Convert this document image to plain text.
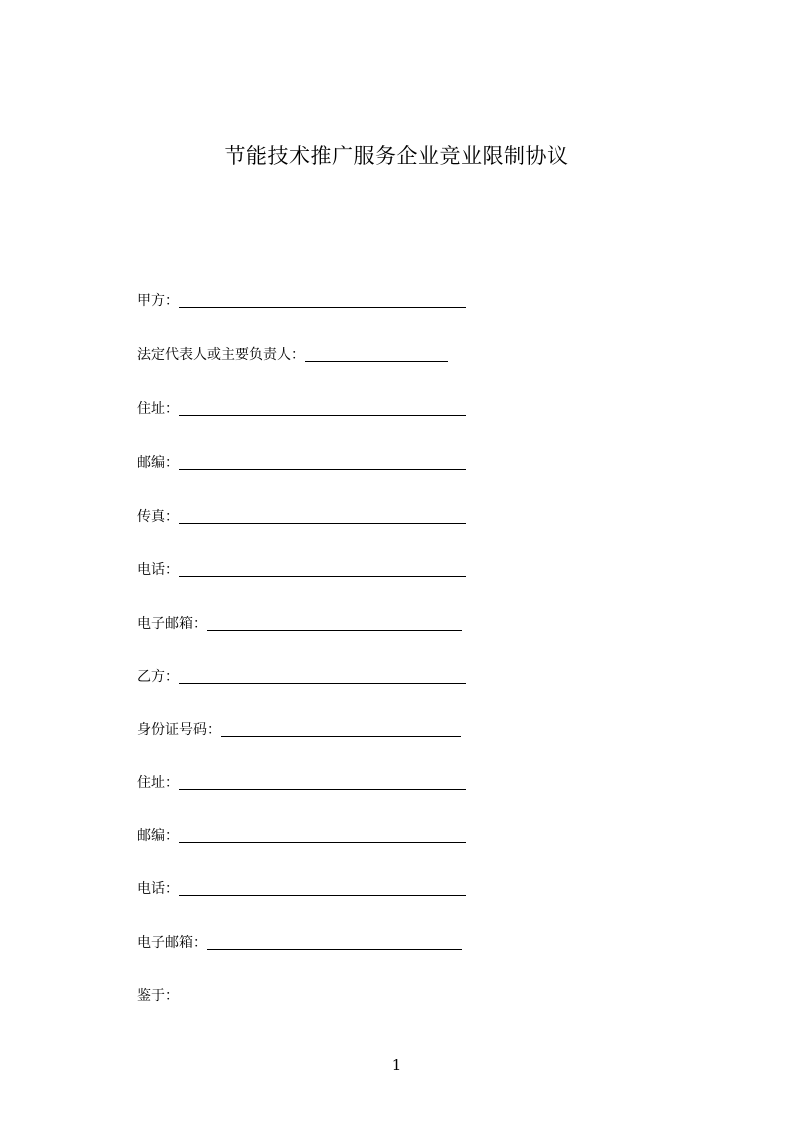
节能技术推广服务企业竞业限制协议
甲方：
法定代表人或主要负责人：
住址：
邮编：
传真：
电话：
电子邮箱：
乙方：
身份证号码：
住址：
邮编：
电话：
电子邮箱：
鉴于：
1
